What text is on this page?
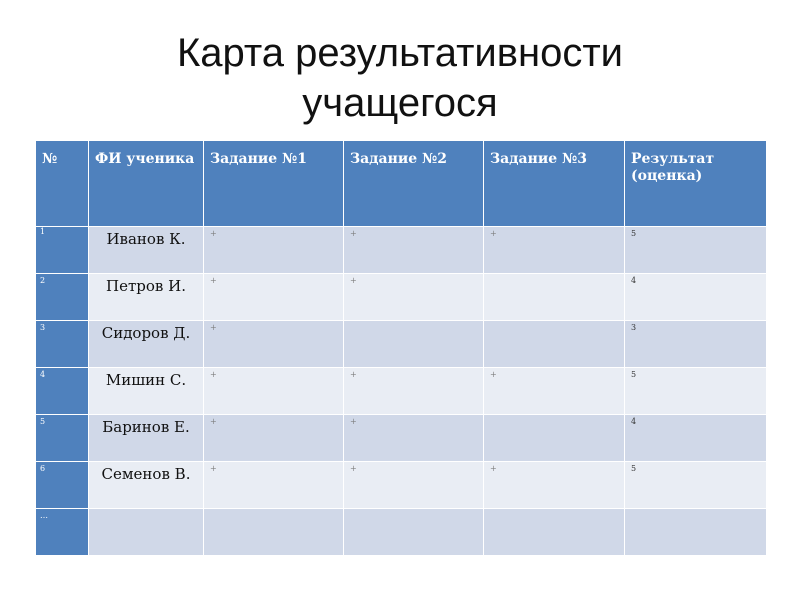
Карта результативности
учащегося
№	ФИ ученика	Задание №1	Задание №2	Задание №3	Результат (оценка)
1	Иванов К.	+	+	+	5
2	Петров И.	+	+		4
3	Сидоров Д.	+			3
4	Мишин С.	+	+	+	5
5	Баринов Е.	+	+		4
6	Семенов В.	+	+	+	5
…					
